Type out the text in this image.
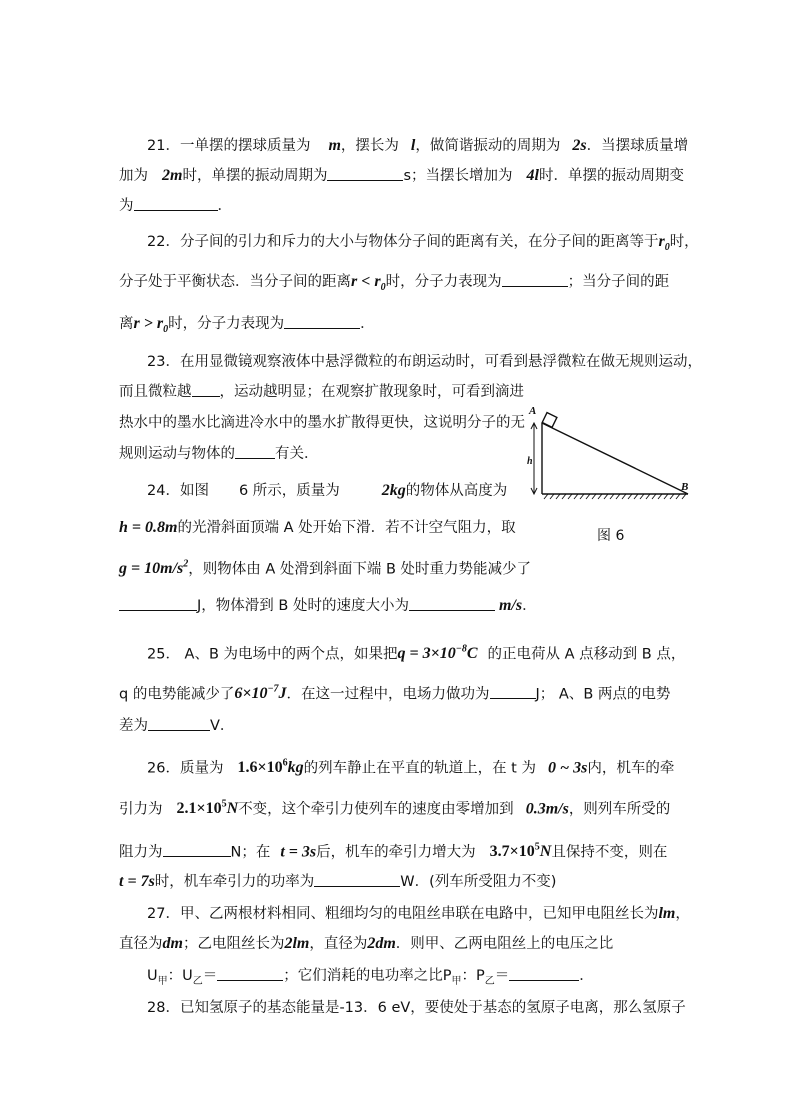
21．一单摆的摆球质量为 m，摆长为 l，做简谐振动的周期为 2s．当摆球质量增
加为 2m时，单摆的振动周期为	s；当摆长增加为 4l时．单摆的振动周期变
为	．
22．分子间的引力和斥力的大小与物体分子间的距离有关，在分子间的距离等于$r_0$时，
分子处于平衡状态．当分子间的距离$r < r_0$时，分子力表现为	；当分子间的距
离$r > r_0$时，分子力表现为	．
23．在用显微镜观察液体中悬浮微粒的布朗运动时，可看到悬浮微粒在做无规则运动，
而且微粒越 ，运动越明显；在观察扩散现象时，可看到滴进
热水中的墨水比滴进冷水中的墨水扩散得更快，这说明分子的无
规则运动与物体的	有关．
24．如图 6 所示，质量为	2kg的物体从高度为
h = 0.8m的光滑斜面顶端 A 处开始下滑．若不计空气阻力，取
$g = 10m/s^2$，则物体由 A 处滑到斜面下端 B 处时重力势能减少了
J，物体滑到 B 处时的速度大小为	m/s．
A
h
B
图 6
25． A、B 为电场中的两个点，如果把$q = 3\times 10^{-8}C$ 的正电荷从 A 点移动到 B 点，
q 的电势能减少了$6\times 10^{-7}J$．在这一过程中，电场力做功为	J； A、B 两点的电势
差为	V．
26．质量为 $1.6\times 10^6kg$的列车静止在平直的轨道上，在 t 为 0 ~ 3s内，机车的牵
引力为 $2.1\times 10^5N$不变，这个牵引力使列车的速度由零增加到 0.3m/s，则列车所受的
阻力为	N；在 t = 3s后，机车的牵引力增大为 $3.7\times 10^5N$且保持不变，则在
t = 7s时，机车牵引力的功率为	W．(列车所受阻力不变)
27．甲、乙两根材料相同、粗细均匀的电阻丝串联在电路中，已知甲电阻丝长为lm，
直径为dm；乙电阻丝长为2lm，直径为2dm．则甲、乙两电阻丝上的电压之比
$U_甲$：$U_乙=$	；它们消耗的电功率之比$P_甲$：$P_乙=$	．
28．已知氢原子的基态能量是-13．6 eV，要使处于基态的氢原子电离，那么氢原子
